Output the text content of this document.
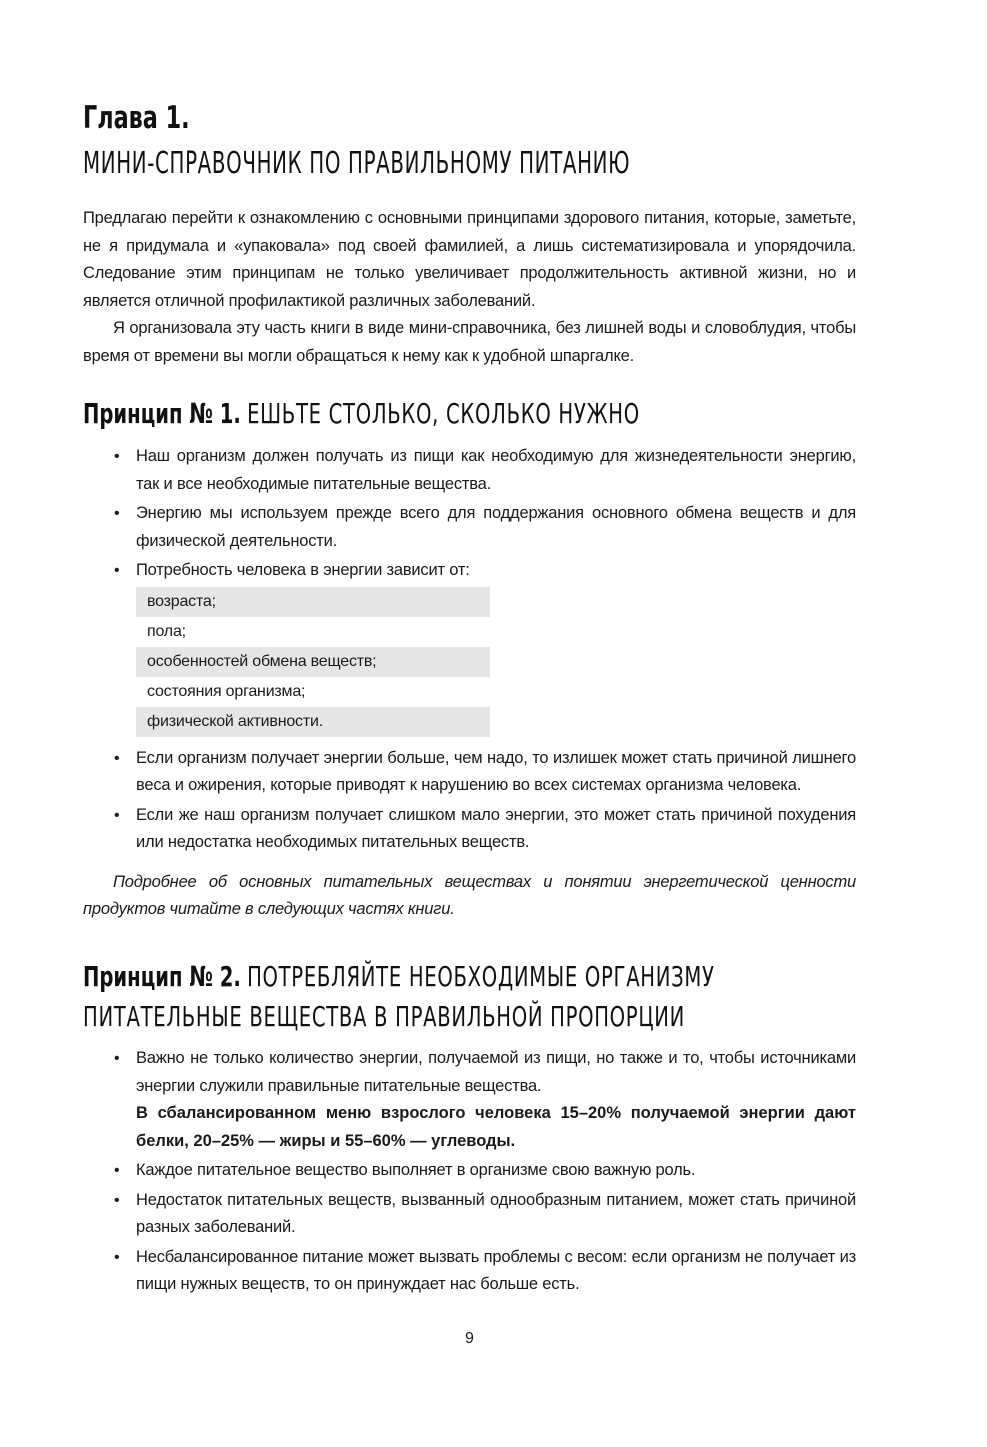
Глава 1.
МИНИ-СПРАВОЧНИК ПО ПРАВИЛЬНОМУ ПИТАНИЮ

Предлагаю перейти к ознакомлению с основными принципами здорового питания, которые, заметьте, не я придумала и «упаковала» под своей фамилией, а лишь систематизировала и упорядочила. Следование этим принципам не только увеличивает продолжительность активной жизни, но и является отличной профилактикой различных заболеваний.

Я организовала эту часть книги в виде мини-справочника, без лишней воды и словоблудия, чтобы время от времени вы могли обращаться к нему как к удобной шпаргалке.

Принцип № 1. ЕШЬТЕ СТОЛЬКО, СКОЛЬКО НУЖНО
• Наш организм должен получать из пищи как необходимую для жизнедеятельности энергию, так и все необходимые питательные вещества.
• Энергию мы используем прежде всего для поддержания основного обмена веществ и для физической деятельности.
• Потребность человека в энергии зависит от:
возраста;
пола;
особенностей обмена веществ;
состояния организма;
физической активности.
• Если организм получает энергии больше, чем надо, то излишек может стать причиной лишнего веса и ожирения, которые приводят к нарушению во всех системах организма человека.
• Если же наш организм получает слишком мало энергии, это может стать причиной похудения или недостатка необходимых питательных веществ.

Подробнее об основных питательных веществах и понятии энергетической ценности продуктов читайте в следующих частях книги.

Принцип № 2. ПОТРЕБЛЯЙТЕ НЕОБХОДИМЫЕ ОРГАНИЗМУ
ПИТАТЕЛЬНЫЕ ВЕЩЕСТВА В ПРАВИЛЬНОЙ ПРОПОРЦИИ
• Важно не только количество энергии, получаемой из пищи, но также и то, чтобы источниками энергии служили правильные питательные вещества.
В сбалансированном меню взрослого человека 15–20% получаемой энергии дают белки, 20–25% — жиры и 55–60% — углеводы.
• Каждое питательное вещество выполняет в организме свою важную роль.
• Недостаток питательных веществ, вызванный однообразным питанием, может стать причиной разных заболеваний.
• Несбалансированное питание может вызвать проблемы с весом: если организм не получает из пищи нужных веществ, то он принуждает нас больше есть.
9
